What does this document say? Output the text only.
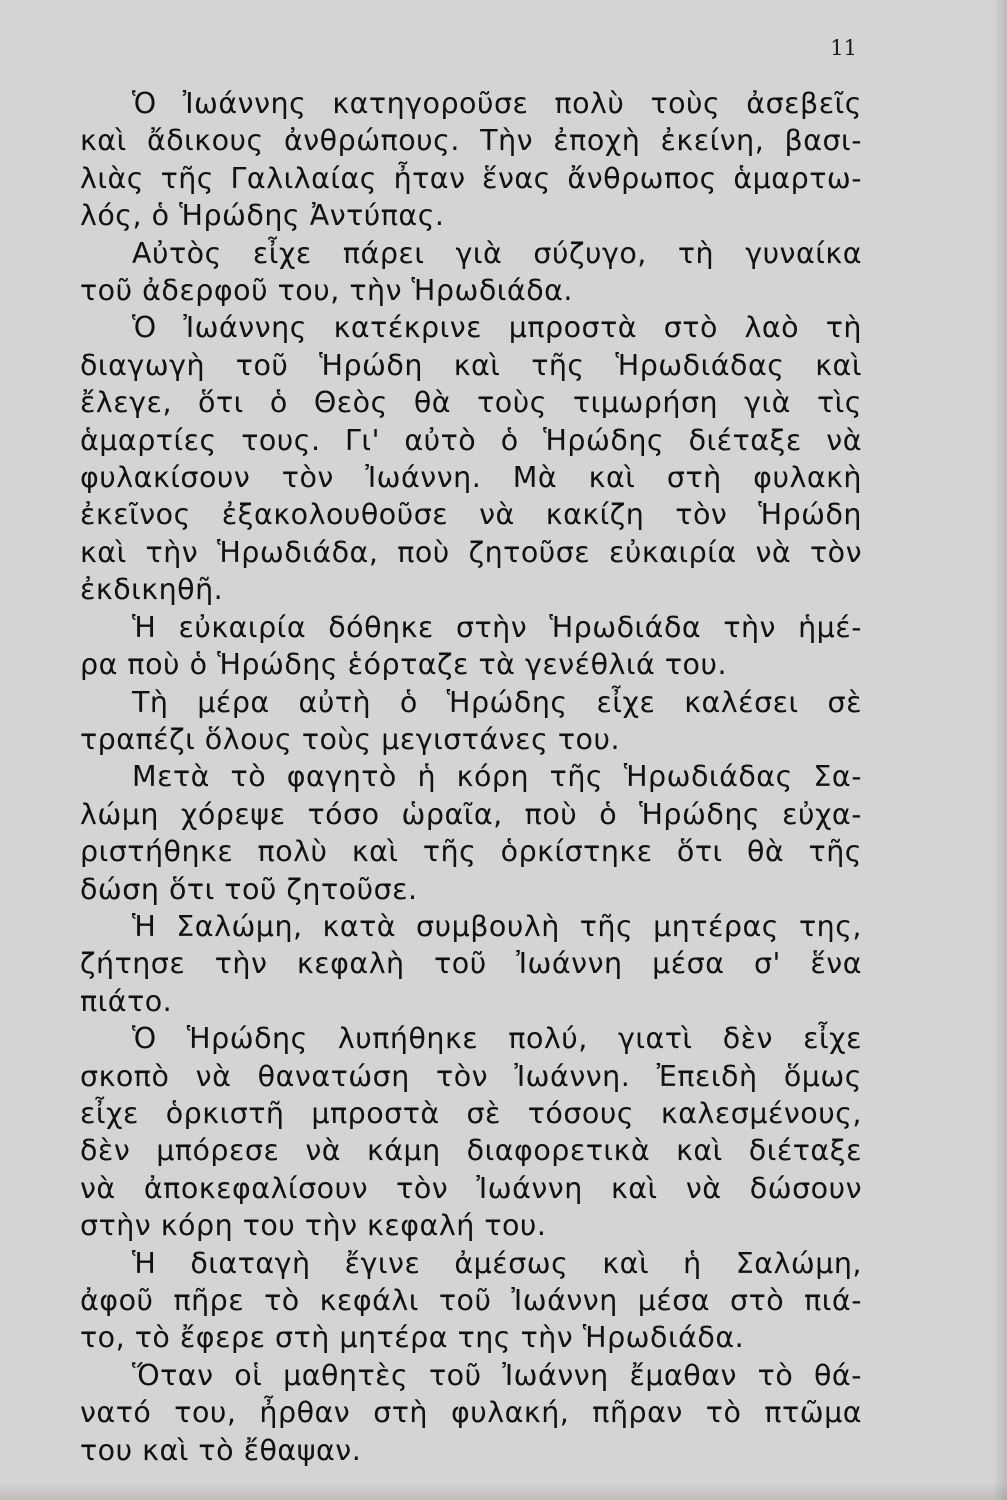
11
Ὁ Ἰωάννης κατηγοροῦσε πολὺ τοὺς ἀσεβεῖς
καὶ ἄδικους ἀνθρώπους. Τὴν ἐποχὴ ἐκείνη, βασι-
λιὰς τῆς Γαλιλαίας ἦταν ἕνας ἄνθρωπος ἁμαρτω-
λός, ὁ Ἡρώδης Ἀντύπας.
Αὐτὸς εἶχε πάρει γιὰ σύζυγο, τὴ γυναίκα
τοῦ ἀδερφοῦ του, τὴν Ἡρωδιάδα.
Ὁ Ἰωάννης κατέκρινε μπροστὰ στὸ λαὸ τὴ
διαγωγὴ τοῦ Ἡρώδη καὶ τῆς Ἡρωδιάδας καὶ
ἔλεγε, ὅτι ὁ Θεὸς θὰ τοὺς τιμωρήση γιὰ τὶς
ἁμαρτίες τους. Γι' αὐτὸ ὁ Ἡρώδης διέταξε νὰ
φυλακίσουν τὸν Ἰωάννη. Μὰ καὶ στὴ φυλακὴ
ἐκεῖνος ἐξακολουθοῦσε νὰ κακίζη τὸν Ἡρώδη
καὶ τὴν Ἡρωδιάδα, ποὺ ζητοῦσε εὐκαιρία νὰ τὸν
ἐκδικηθῆ.
Ἡ εὐκαιρία δόθηκε στὴν Ἡρωδιάδα τὴν ἡμέ-
ρα ποὺ ὁ Ἡρώδης ἑόρταζε τὰ γενέθλιά του.
Τὴ μέρα αὐτὴ ὁ Ἡρώδης εἶχε καλέσει σὲ
τραπέζι ὅλους τοὺς μεγιστάνες του.
Μετὰ τὸ φαγητὸ ἡ κόρη τῆς Ἡρωδιάδας Σα-
λώμη χόρεψε τόσο ὡραῖα, ποὺ ὁ Ἡρώδης εὐχα-
ριστήθηκε πολὺ καὶ τῆς ὁρκίστηκε ὅτι θὰ τῆς
δώση ὅτι τοῦ ζητοῦσε.
Ἡ Σαλώμη, κατὰ συμβουλὴ τῆς μητέρας της,
ζήτησε τὴν κεφαλὴ τοῦ Ἰωάννη μέσα σ' ἕνα
πιάτο.
Ὁ Ἡρώδης λυπήθηκε πολύ, γιατὶ δὲν εἶχε
σκοπὸ νὰ θανατώση τὸν Ἰωάννη. Ἐπειδὴ ὅμως
εἶχε ὁρκιστῆ μπροστὰ σὲ τόσους καλεσμένους,
δὲν μπόρεσε νὰ κάμη διαφορετικὰ καὶ διέταξε
νὰ ἀποκεφαλίσουν τὸν Ἰωάννη καὶ νὰ δώσουν
στὴν κόρη του τὴν κεφαλή του.
Ἡ διαταγὴ ἔγινε ἀμέσως καὶ ἡ Σαλώμη,
ἀφοῦ πῆρε τὸ κεφάλι τοῦ Ἰωάννη μέσα στὸ πιά-
το, τὸ ἔφερε στὴ μητέρα της τὴν Ἡρωδιάδα.
Ὅταν οἱ μαθητὲς τοῦ Ἰωάννη ἔμαθαν τὸ θά-
νατό του, ἦρθαν στὴ φυλακή, πῆραν τὸ πτῶμα
του καὶ τὸ ἔθαψαν.
